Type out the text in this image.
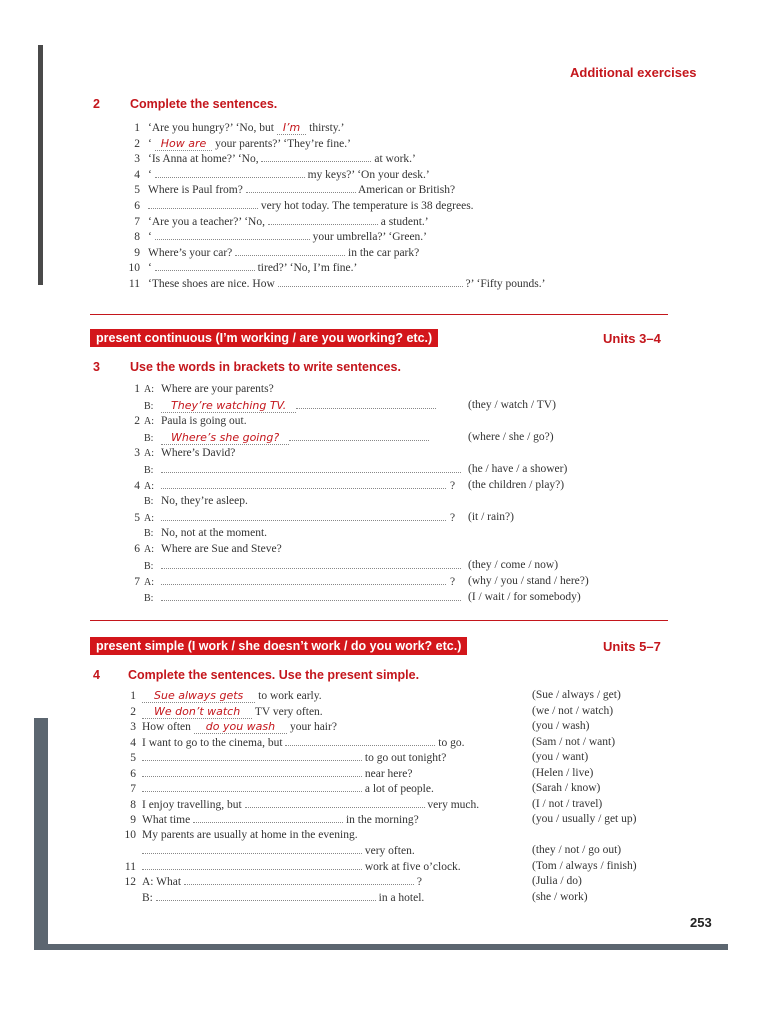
Additional exercises
2 Complete the sentences.
1 ‘Are you hungry?’ ‘No, but I’m thirsty.’
2 ‘ How are your parents?’ ‘They’re fine.’
3 ‘Is Anna at home?’ ‘No,	at work.’
4 ‘	my keys?’ ‘On your desk.’
5 Where is Paul from?	American or British?
6	very hot today. The temperature is 38 degrees.
7 ‘Are you a teacher?’ ‘No,	a student.’
8 ‘	your umbrella?’ ‘Green.’
9 Where’s your car?	in the car park?
10 ‘	tired?’ ‘No, I’m fine.’
11 ‘These shoes are nice. How	?’ ‘Fifty pounds.’
present continuous (I’m working / are you working? etc.)	Units 3–4
3 Use the words in brackets to write sentences.
1 A: Where are your parents?
B: They’re watching TV.	(they / watch / TV)
2 A: Paula is going out.
B: Where’s she going?	(where / she / go?)
3 A: Where’s David?
B:	(he / have / a shower)
4 A:	? (the children / play?)
B: No, they’re asleep.
5 A:	? (it / rain?)
B: No, not at the moment.
6 A: Where are Sue and Steve?
B:	(they / come / now)
7 A:	? (why / you / stand / here?)
B:	(I / wait / for somebody)
present simple (I work / she doesn’t work / do you work? etc.)	Units 5–7
4 Complete the sentences. Use the present simple.
1 Sue always gets to work early.	(Sue / always / get)
2 We don’t watch TV very often.	(we / not / watch)
3 How often do you wash your hair?	(you / wash)
4 I want to go to the cinema, but	to go.	(Sam / not / want)
5	to go out tonight?	(you / want)
6	near here?	(Helen / live)
7	a lot of people.	(Sarah / know)
8 I enjoy travelling, but	very much.	(I / not / travel)
9 What time	in the morning?	(you / usually / get up)
10 My parents are usually at home in the evening.
very often.	(they / not / go out)
11	work at five o’clock.	(Tom / always / finish)
12 A: What	?	(Julia / do)
B:	in a hotel.	(she / work)
253
